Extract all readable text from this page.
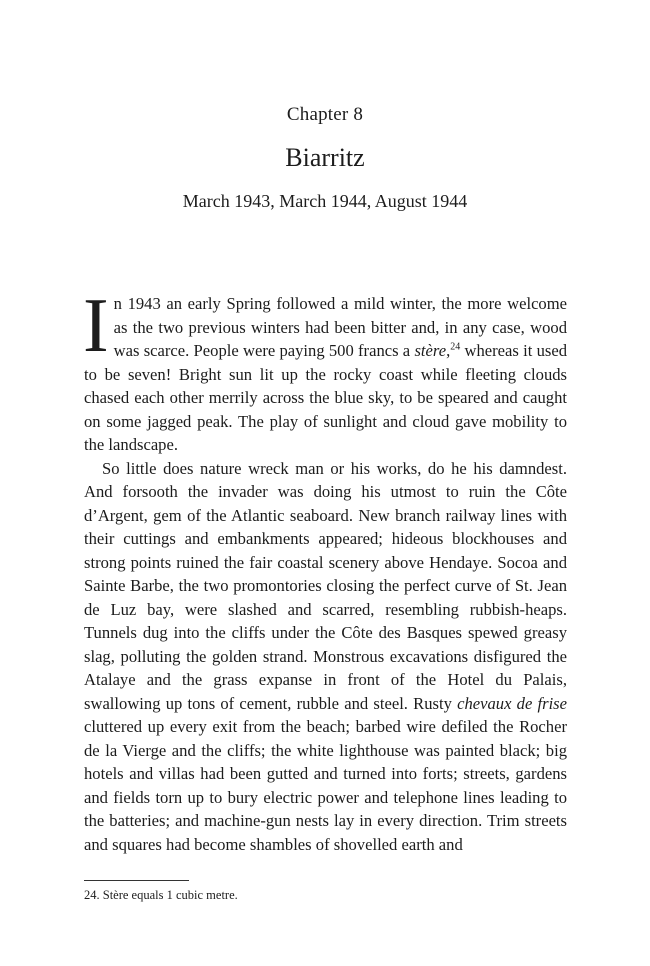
Chapter 8
Biarritz
March 1943, March 1944, August 1944

In 1943 an early Spring followed a mild winter, the more welcome as the two previous winters had been bitter and, in any case, wood was scarce. People were paying 500 francs a stère,$^{24}$ whereas it used to be seven! Bright sun lit up the rocky coast while fleeting clouds chased each other merrily across the blue sky, to be speared and caught on some jagged peak. The play of sunlight and cloud gave mobility to the landscape.

So little does nature wreck man or his works, do he his damndest. And forsooth the invader was doing his utmost to ruin the Côte d’Argent, gem of the Atlantic seaboard. New branch railway lines with their cuttings and embankments appeared; hideous blockhouses and strong points ruined the fair coastal scenery above Hendaye. Socoa and Sainte Barbe, the two promontories closing the perfect curve of St. Jean de Luz bay, were slashed and scarred, resembling rubbish-heaps. Tunnels dug into the cliffs under the Côte des Basques spewed greasy slag, polluting the golden strand. Monstrous excavations disfigured the Atalaye and the grass expanse in front of the Hotel du Palais, swallowing up tons of cement, rubble and steel. Rusty chevaux de frise cluttered up every exit from the beach; barbed wire defiled the Rocher de la Vierge and the cliffs; the white lighthouse was painted black; big hotels and villas had been gutted and turned into forts; streets, gardens and fields torn up to bury electric power and telephone lines leading to the batteries; and machine-gun nests lay in every direction. Trim streets and squares had become shambles of shovelled earth and

24. Stère equals 1 cubic metre.
